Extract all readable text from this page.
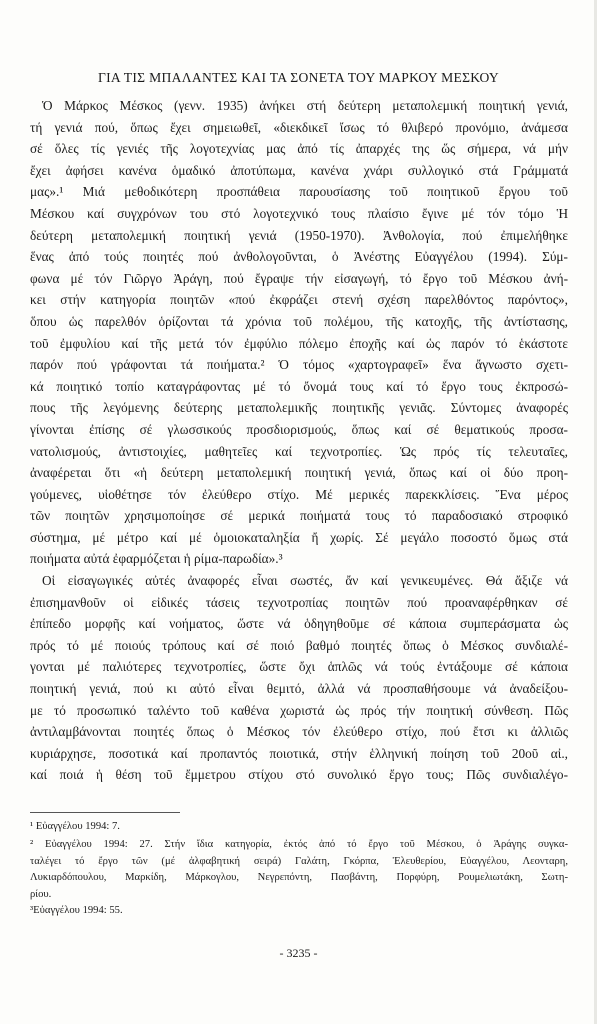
ΓΙΑ ΤΙΣ ΜΠΑΛΑΝΤΕΣ ΚΑΙ ΤΑ ΣΟΝΕΤΑ ΤΟΥ ΜΑΡΚΟΥ ΜΕΣΚΟΥ
Ὁ Μάρκος Μέσκος (γενν. 1935) ἀνήκει στή δεύτερη μεταπολεμική ποιητική γενιά,
τή γενιά πού, ὅπως ἔχει σημειωθεῖ, «διεκδικεῖ ἴσως τό θλιβερό προνόμιο, ἀνάμεσα
σέ ὅλες τίς γενιές τῆς λογοτεχνίας μας ἀπό τίς ἀπαρχές της ὥς σήμερα, νά μήν
ἔχει ἀφήσει κανένα ὁμαδικό ἀποτύπωμα, κανένα χνάρι συλλογικό στά Γράμματά
μας».¹ Μιά μεθοδικότερη προσπάθεια παρουσίασης τοῦ ποιητικοῦ ἔργου τοῦ
Μέσκου καί συγχρόνων του στό λογοτεχνικό τους πλαίσιο ἔγινε μέ τόν τόμο Ἡ
δεύτερη μεταπολεμική ποιητική γενιά (1950-1970). Ἀνθολογία, πού ἐπιμελήθηκε
ἕνας ἀπό τούς ποιητές πού ἀνθολογοῦνται, ὁ Ἀνέστης Εὐαγγέλου (1994). Σύμ-
φωνα μέ τόν Γιῶργο Ἀράγη, πού ἔγραψε τήν εἰσαγωγή, τό ἔργο τοῦ Μέσκου ἀνή-
κει στήν κατηγορία ποιητῶν «πού ἐκφράζει στενή σχέση παρελθόντος παρόντος»,
ὅπου ὡς παρελθόν ὁρίζονται τά χρόνια τοῦ πολέμου, τῆς κατοχῆς, τῆς ἀντίστασης,
τοῦ ἐμφυλίου καί τῆς μετά τόν ἐμφύλιο πόλεμο ἐποχῆς καί ὡς παρόν τό ἑκάστοτε
παρόν πού γράφονται τά ποιήματα.² Ὁ τόμος «χαρτογραφεῖ» ἕνα ἄγνωστο σχετι-
κά ποιητικό τοπίο καταγράφοντας μέ τό ὄνομά τους καί τό ἔργο τους ἐκπροσώ-
πους τῆς λεγόμενης δεύτερης μεταπολεμικῆς ποιητικῆς γενιᾶς. Σύντομες ἀναφορές
γίνονται ἐπίσης σέ γλωσσικούς προσδιορισμούς, ὅπως καί σέ θεματικούς προσα-
νατολισμούς, ἀντιστοιχίες, μαθητεῖες καί τεχνοτροπίες. Ὡς πρός τίς τελευταῖες,
ἀναφέρεται ὅτι «ἡ δεύτερη μεταπολεμική ποιητική γενιά, ὅπως καί οἱ δύο προη-
γούμενες, υἱοθέτησε τόν ἐλεύθερο στίχο. Μέ μερικές παρεκκλίσεις. Ἕνα μέρος
τῶν ποιητῶν χρησιμοποίησε σέ μερικά ποιήματά τους τό παραδοσιακό στροφικό
σύστημα, μέ μέτρο καί μέ ὁμοιοκαταληξία ἤ χωρίς. Σέ μεγάλο ποσοστό ὅμως στά
ποιήματα αὐτά ἐφαρμόζεται ἡ ρίμα-παρωδία».³
Οἱ εἰσαγωγικές αὐτές ἀναφορές εἶναι σωστές, ἄν καί γενικευμένες. Θά ἄξιζε νά
ἐπισημανθοῦν οἱ εἰδικές τάσεις τεχνοτροπίας ποιητῶν πού προαναφέρθηκαν σέ
ἐπίπεδο μορφῆς καί νοήματος, ὥστε νά ὁδηγηθοῦμε σέ κάποια συμπεράσματα ὡς
πρός τό μέ ποιούς τρόπους καί σέ ποιό βαθμό ποιητές ὅπως ὁ Μέσκος συνδιαλέ-
γονται μέ παλιότερες τεχνοτροπίες, ὥστε ὄχι ἁπλῶς νά τούς ἐντάξουμε σέ κάποια
ποιητική γενιά, πού κι αὐτό εἶναι θεμιτό, ἀλλά νά προσπαθήσουμε νά ἀναδείξου-
με τό προσωπικό ταλέντο τοῦ καθένα χωριστά ὡς πρός τήν ποιητική σύνθεση. Πῶς
ἀντιλαμβάνονται ποιητές ὅπως ὁ Μέσκος τόν ἐλεύθερο στίχο, πού ἔτσι κι ἀλλιῶς
κυριάρχησε, ποσοτικά καί προπαντός ποιοτικά, στήν ἑλληνική ποίηση τοῦ 20οῦ αἰ.,
καί ποιά ἡ θέση τοῦ ἔμμετρου στίχου στό συνολικό ἔργο τους; Πῶς συνδιαλέγο-
¹ Εὐαγγέλου 1994: 7.
² Εὐαγγέλου 1994: 27. Στήν ἴδια κατηγορία, ἐκτός ἀπό τό ἔργο τοῦ Μέσκου, ὁ Ἀράγης συγκα-
ταλέγει τό ἔργο τῶν (μέ ἀλφαβητική σειρά) Γαλάτη, Γκόρπα, Ἐλευθερίου, Εὐαγγέλου, Λεονταρη,
Λυκιαρδόπουλου, Μαρκίδη, Μάρκογλου, Νεγρεπόντη, Πασβάντη, Πορφύρη, Ρουμελιωτάκη, Σωτη-
ρίου.
³Εὐαγγέλου 1994: 55.
- 3235 -
